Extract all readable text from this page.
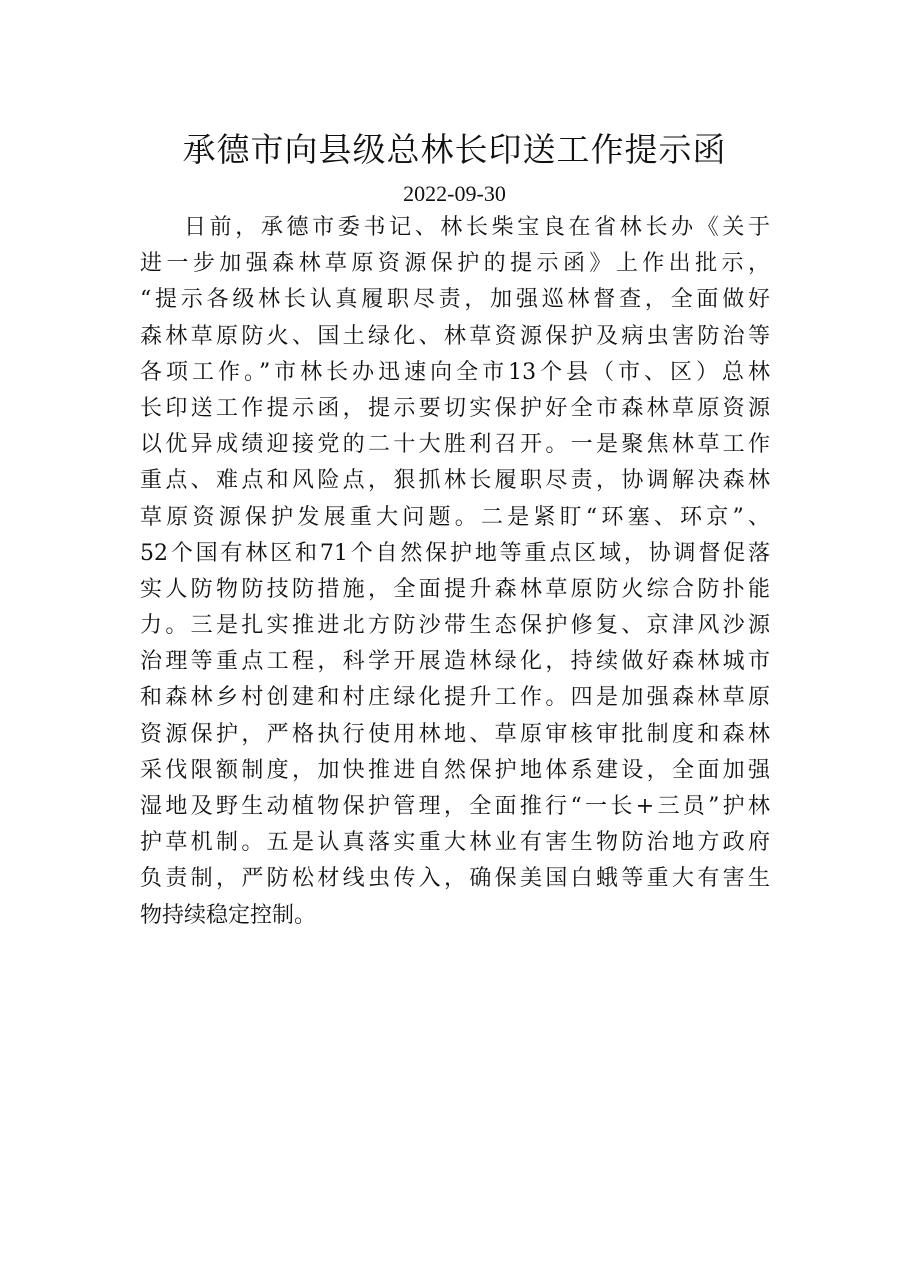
承德市向县级总林长印送工作提示函
2022-09-30
日前，承德市委书记、林长柴宝良在省林长办《关于
进一步加强森林草原资源保护的提示函》上作出批示，
“提示各级林长认真履职尽责，加强巡林督查，全面做好
森林草原防火、国土绿化、林草资源保护及病虫害防治等
各项工作。”市林长办迅速向全市13个县（市、区）总林
长印送工作提示函，提示要切实保护好全市森林草原资源
以优异成绩迎接党的二十大胜利召开。一是聚焦林草工作
重点、难点和风险点，狠抓林长履职尽责，协调解决森林
草原资源保护发展重大问题。二是紧盯“环塞、环京”、
52个国有林区和71个自然保护地等重点区域，协调督促落
实人防物防技防措施，全面提升森林草原防火综合防扑能
力。三是扎实推进北方防沙带生态保护修复、京津风沙源
治理等重点工程，科学开展造林绿化，持续做好森林城市
和森林乡村创建和村庄绿化提升工作。四是加强森林草原
资源保护，严格执行使用林地、草原审核审批制度和森林
采伐限额制度，加快推进自然保护地体系建设，全面加强
湿地及野生动植物保护管理，全面推行“一长+三员”护林
护草机制。五是认真落实重大林业有害生物防治地方政府
负责制，严防松材线虫传入，确保美国白蛾等重大有害生
物持续稳定控制。
